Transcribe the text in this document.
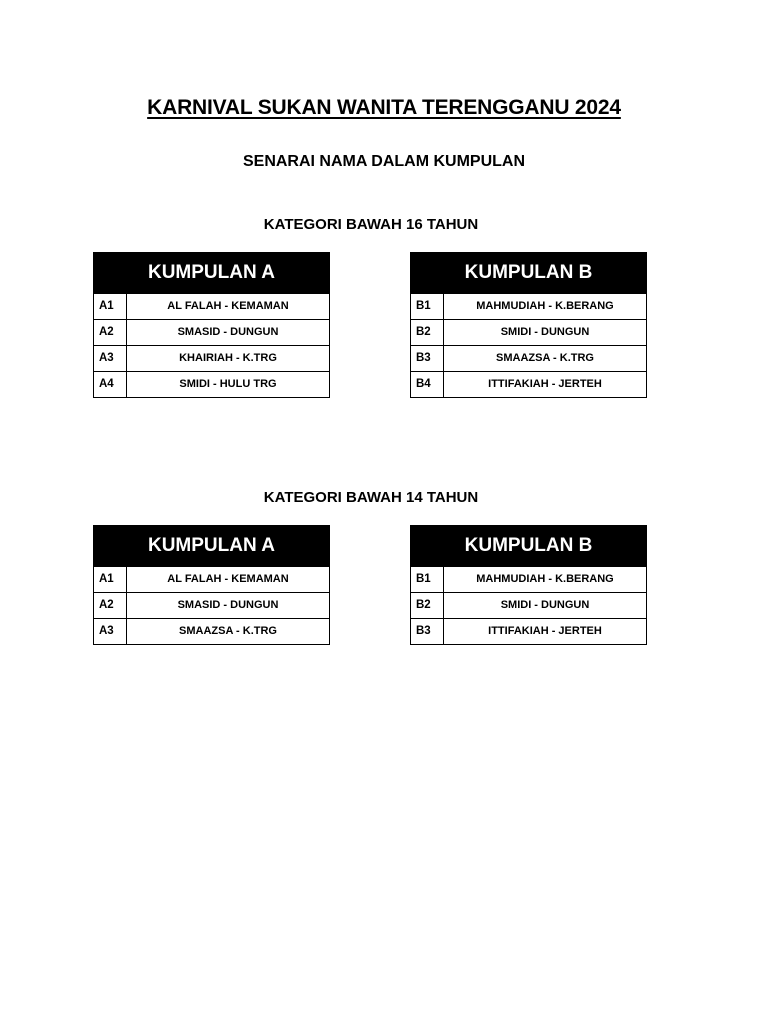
KARNIVAL SUKAN WANITA TERENGGANU 2024
SENARAI NAMA DALAM KUMPULAN
KATEGORI BAWAH 16 TAHUN
KUMPULAN A
A1	AL FALAH - KEMAMAN
A2	SMASID - DUNGUN
A3	KHAIRIAH - K.TRG
A4	SMIDI - HULU TRG
KUMPULAN B
B1	MAHMUDIAH - K.BERANG
B2	SMIDI - DUNGUN
B3	SMAAZSA - K.TRG
B4	ITTIFAKIAH - JERTEH
KATEGORI BAWAH 14 TAHUN
KUMPULAN A
A1	AL FALAH - KEMAMAN
A2	SMASID - DUNGUN
A3	SMAAZSA - K.TRG
KUMPULAN B
B1	MAHMUDIAH - K.BERANG
B2	SMIDI - DUNGUN
B3	ITTIFAKIAH - JERTEH
